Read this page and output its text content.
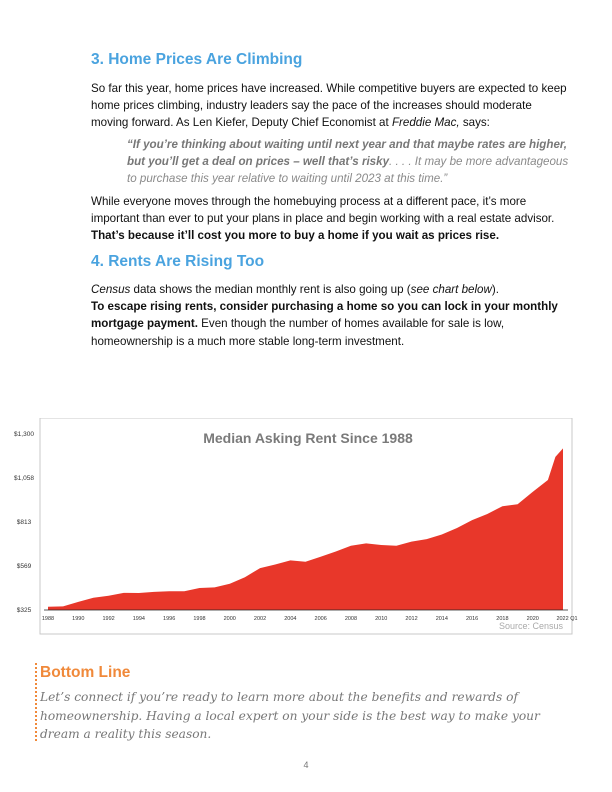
3. Home Prices Are Climbing

So far this year, home prices have increased. While competitive buyers are expected to keep home prices climbing, industry leaders say the pace of the increases should moderate moving forward. As Len Kiefer, Deputy Chief Economist at Freddie Mac, says:

“If you’re thinking about waiting until next year and that maybe rates are higher, but you’ll get a deal on prices – well that’s risky. . . . It may be more advantageous to purchase this year relative to waiting until 2023 at this time.”

While everyone moves through the homebuying process at a different pace, it’s more important than ever to put your plans in place and begin working with a real estate advisor. That’s because it’ll cost you more to buy a home if you wait as prices rise.

4. Rents Are Rising Too

Census data shows the median monthly rent is also going up (see chart below).
To escape rising rents, consider purchasing a home so you can lock in your monthly mortgage payment. Even though the number of homes available for sale is low, homeownership is a much more stable long-term investment.

$325
$569
$813
$1,058
$1,300
1988	1990	1992	1994	1996	1998	2000	2002	2004	2006	2008	2010	2012	2014	2016	2018	2020	2022 Q1
Median Asking Rent Since 1988
Source: Census
Bottom Line

Let’s connect if you’re ready to learn more about the benefits and rewards of homeownership. Having a local expert on your side is the best way to make your dream a reality this season.

4
